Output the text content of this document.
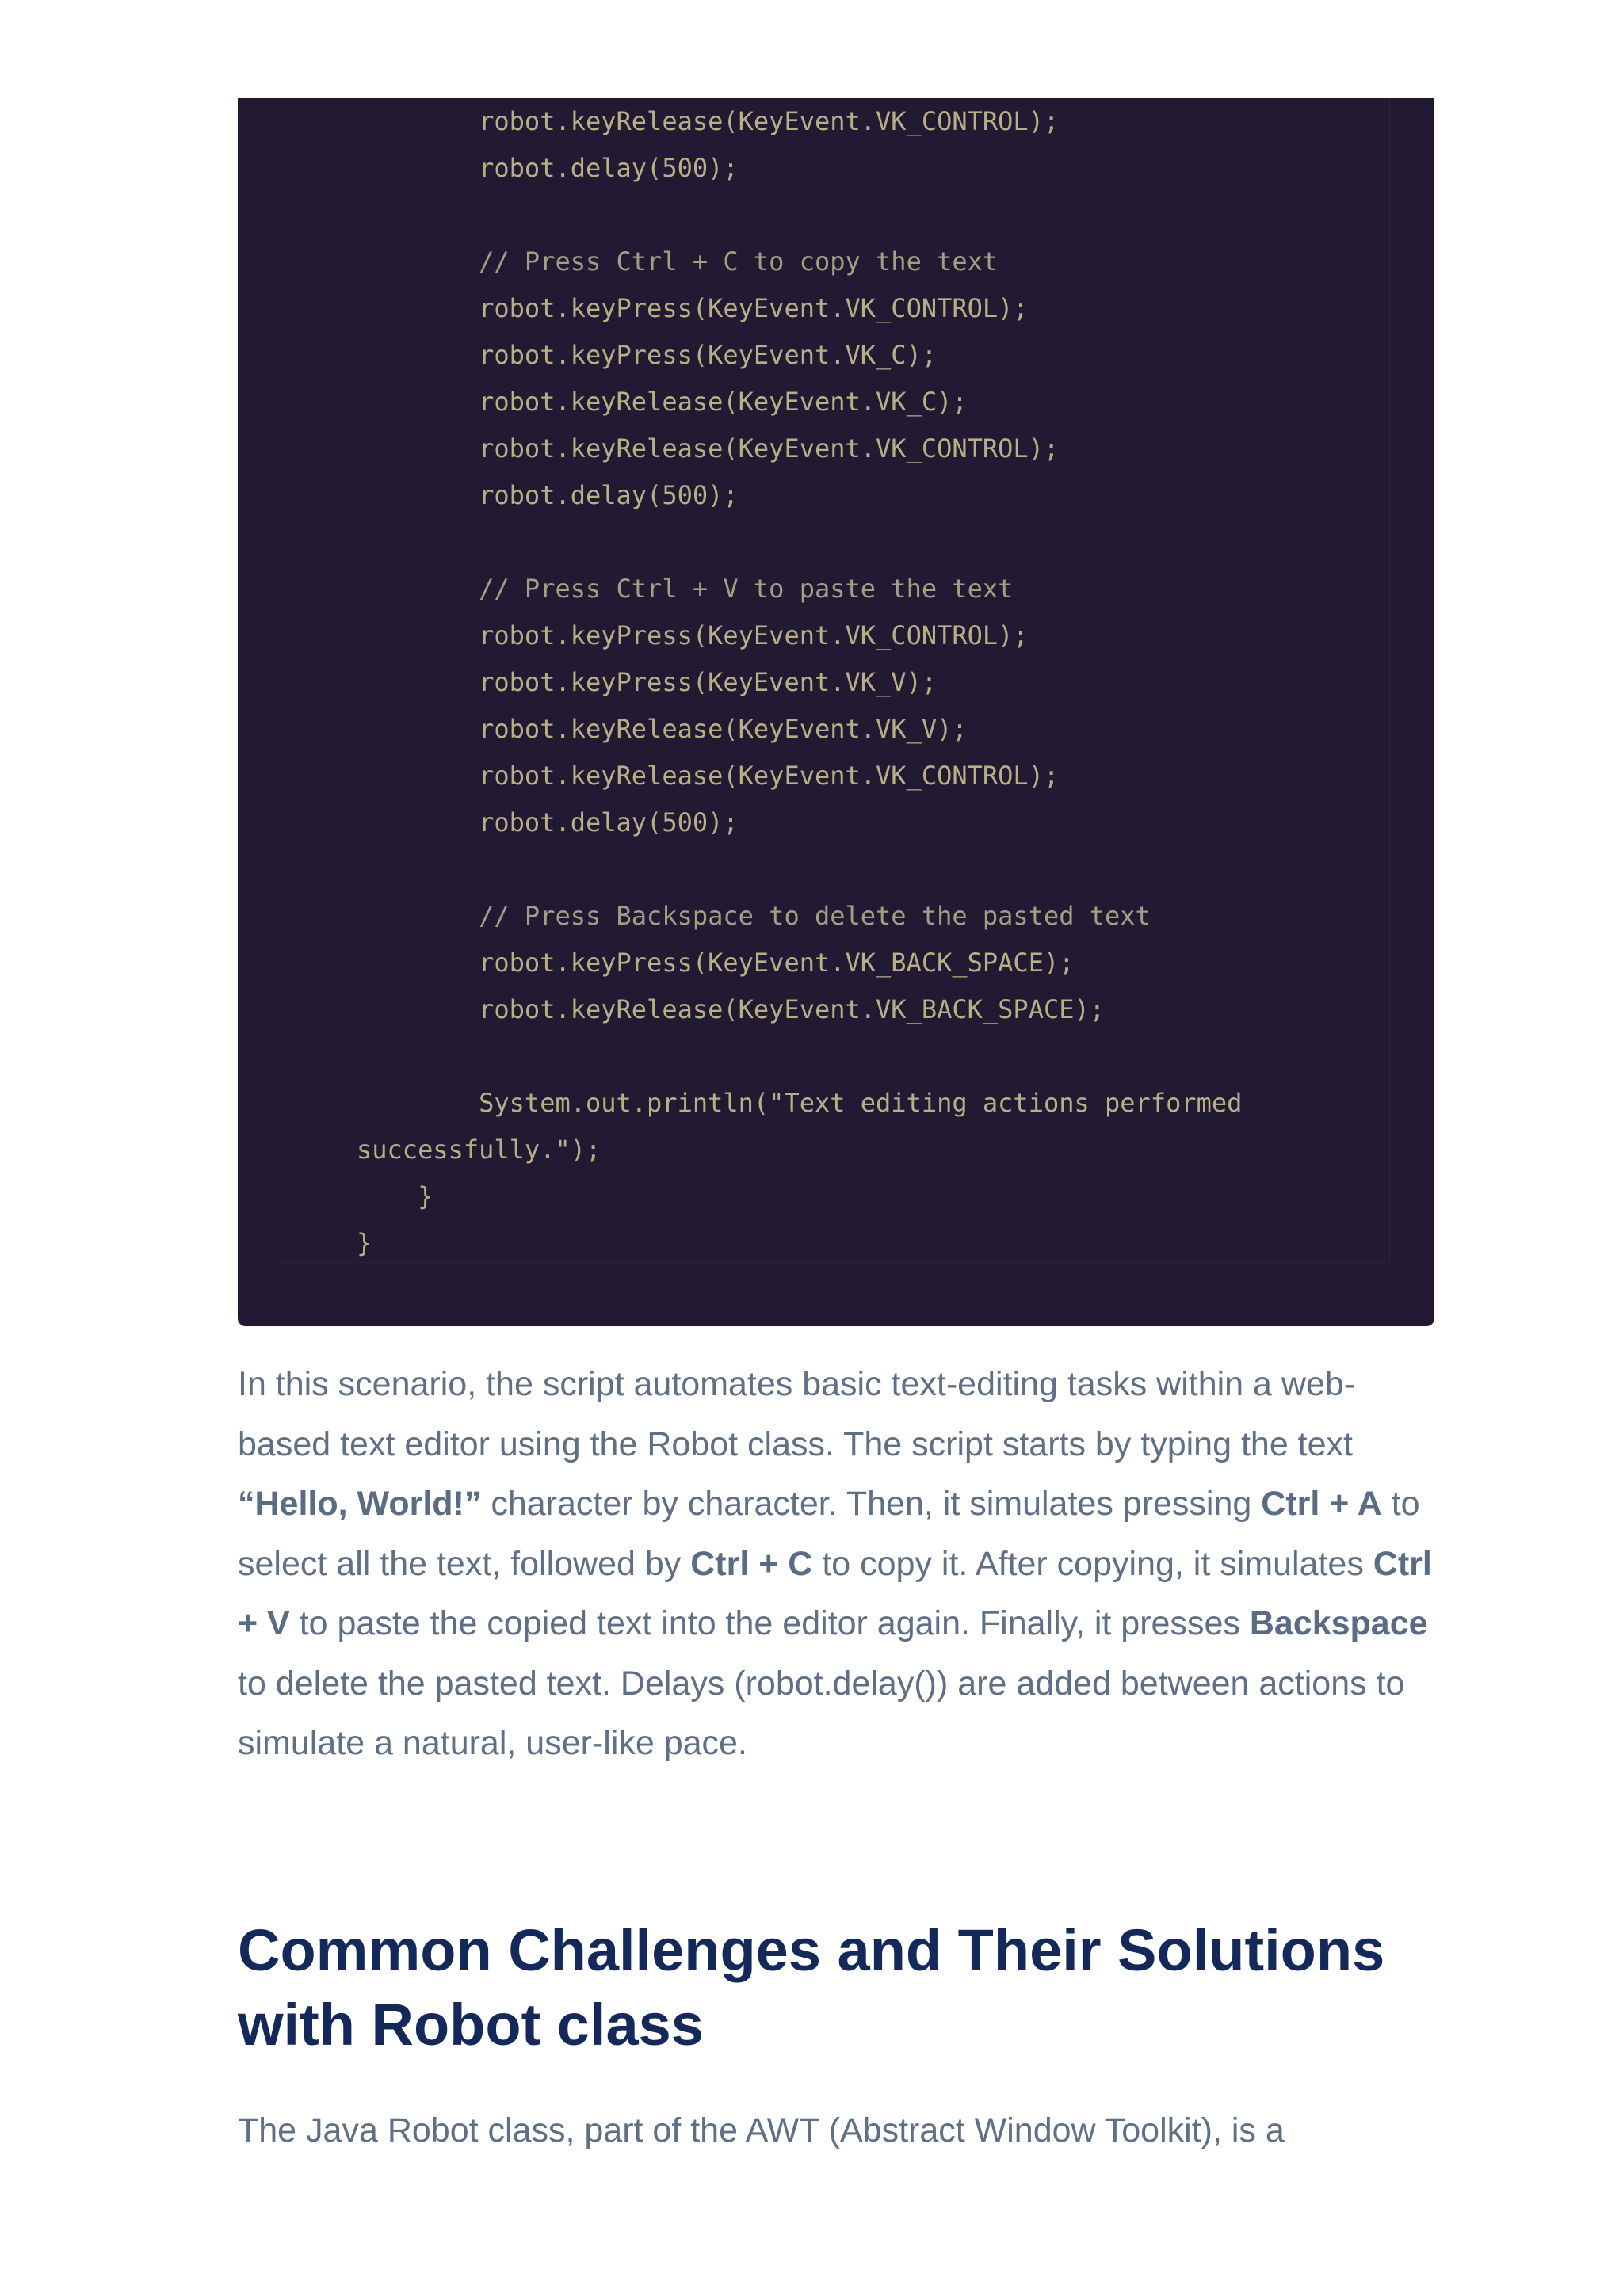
robot.keyRelease(KeyEvent.VK_CONTROL);
robot.delay(500);
// Press Ctrl + C to copy the text
robot.keyPress(KeyEvent.VK_CONTROL);
robot.keyPress(KeyEvent.VK_C);
robot.keyRelease(KeyEvent.VK_C);
robot.keyRelease(KeyEvent.VK_CONTROL);
robot.delay(500);
// Press Ctrl + V to paste the text
robot.keyPress(KeyEvent.VK_CONTROL);
robot.keyPress(KeyEvent.VK_V);
robot.keyRelease(KeyEvent.VK_V);
robot.keyRelease(KeyEvent.VK_CONTROL);
robot.delay(500);
// Press Backspace to delete the pasted text
robot.keyPress(KeyEvent.VK_BACK_SPACE);
robot.keyRelease(KeyEvent.VK_BACK_SPACE);
System.out.println("Text editing actions performed
successfully.");
}
}

In this scenario, the script automates basic text-editing tasks within a web-based text editor using the Robot class. The script starts by typing the text “Hello, World!” character by character. Then, it simulates pressing Ctrl + A to select all the text, followed by Ctrl + C to copy it. After copying, it simulates Ctrl + V to paste the copied text into the editor again. Finally, it presses Backspace to delete the pasted text. Delays (robot.delay()) are added between actions to simulate a natural, user-like pace.

Common Challenges and Their Solutions with Robot class

The Java Robot class, part of the AWT (Abstract Window Toolkit), is a
